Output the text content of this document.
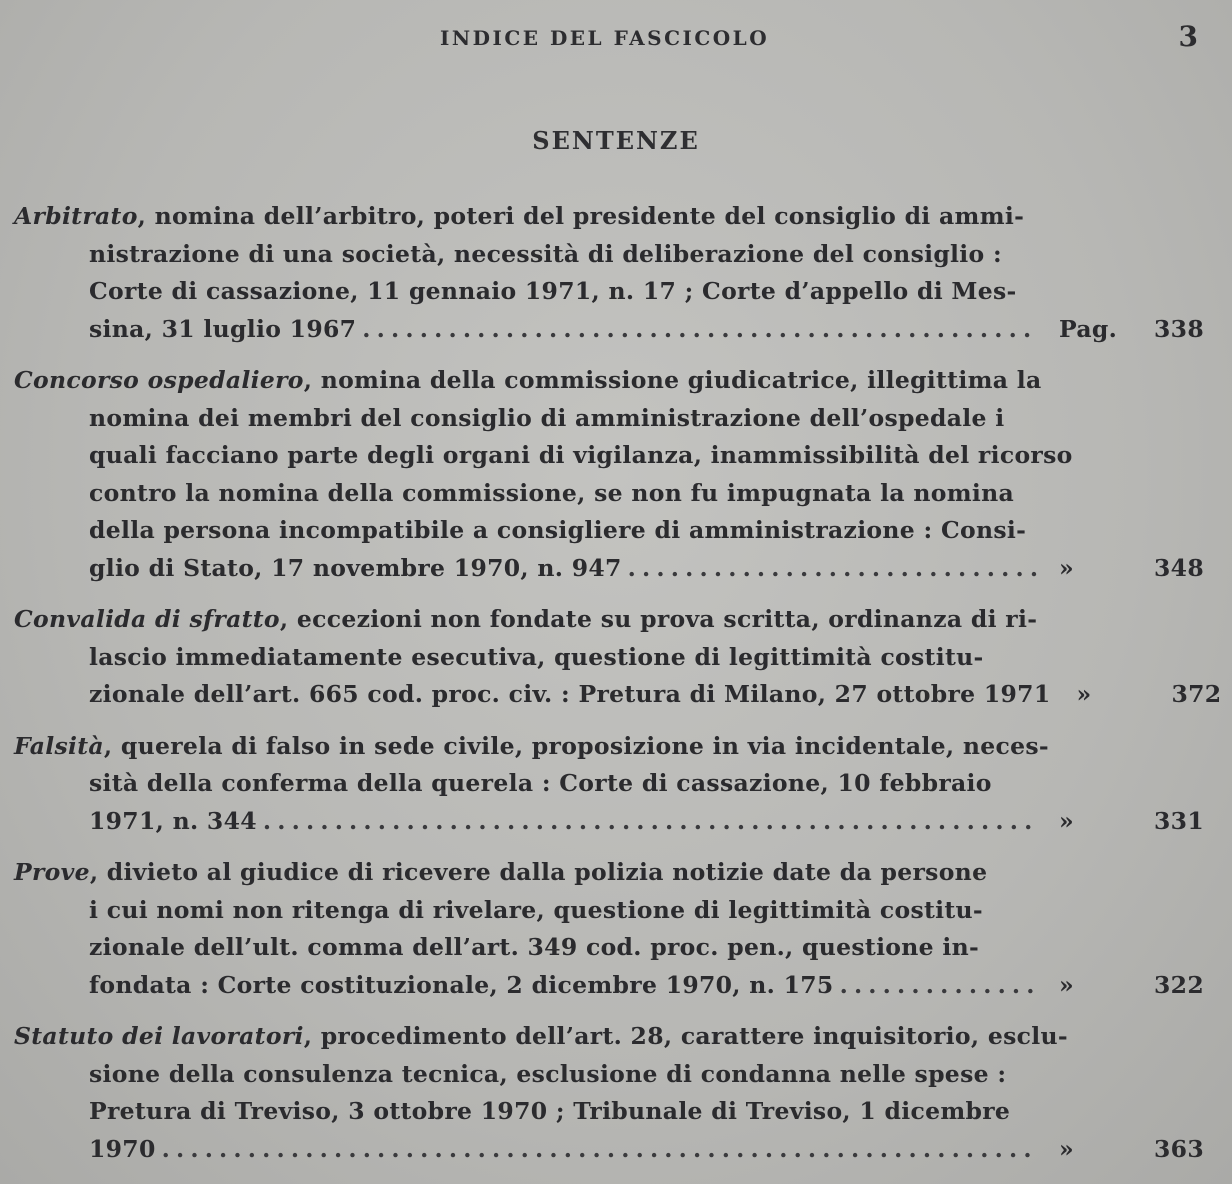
INDICE DEL FASCICOLO	3
SENTENZE
Arbitrato, nomina dell’arbitro, poteri del presidente del consiglio di ammi-
nistrazione di una società, necessità di deliberazione del consiglio :
Corte di cassazione, 11 gennaio 1971, n. 17 ; Corte d’appello di Mes-
sina, 31 luglio 1967 . . .	Pag. 338
Concorso ospedaliero, nomina della commissione giudicatrice, illegittima la
nomina dei membri del consiglio di amministrazione dell’ospedale i
quali facciano parte degli organi di vigilanza, inammissibilità del ricorso
contro la nomina della commissione, se non fu impugnata la nomina
della persona incompatibile a consigliere di amministrazione : Consi-
glio di Stato, 17 novembre 1970, n. 947 . . .	»	348
Convalida di sfratto, eccezioni non fondate su prova scritta, ordinanza di ri-
lascio immediatamente esecutiva, questione di legittimità costitu-
zionale dell’art. 665 cod. proc. civ. : Pretura di Milano, 27 ottobre 1971 »	372
Falsità, querela di falso in sede civile, proposizione in via incidentale, neces-
sità della conferma della querela : Corte di cassazione, 10 febbraio
1971, n. 344 . . .	»	331
Prove, divieto al giudice di ricevere dalla polizia notizie date da persone
i cui nomi non ritenga di rivelare, questione di legittimità costitu-
zionale dell’ult. comma dell’art. 349 cod. proc. pen., questione in-
fondata : Corte costituzionale, 2 dicembre 1970, n. 175 . . .	»	322
Statuto dei lavoratori, procedimento dell’art. 28, carattere inquisitorio, esclu-
sione della consulenza tecnica, esclusione di condanna nelle spese :
Pretura di Treviso, 3 ottobre 1970 ; Tribunale di Treviso, 1 dicembre
1970 . . .	»	363
